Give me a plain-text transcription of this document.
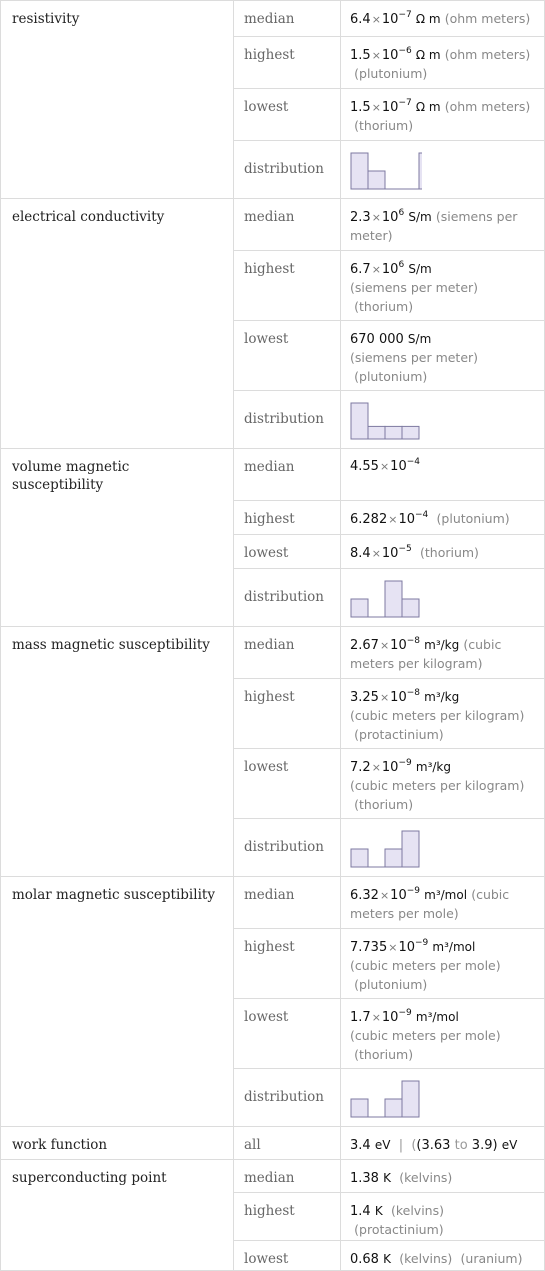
resistivity	median	$6.4\times 10^{-7}$ Ω m (ohm meters)
	highest	$1.5\times 10^{-6}$ Ω m (ohm meters)
(plutonium)
	lowest	$1.5\times 10^{-7}$ Ω m (ohm meters)
(thorium)
	distribution	

electrical conductivity	median	$2.3\times 10^6$ S/m (siemens per
meter)
	highest	$6.7\times 10^6$ S/m
(siemens per meter)
(thorium)
	lowest	670 000 S/m
(siemens per meter)
(plutonium)
	distribution	

volume magnetic
susceptibility	median	$4.55\times 10^{-4}$
	highest	$6.282\times 10^{-4}$ (plutonium)
	lowest	$8.4\times 10^{-5}$ (thorium)
	distribution	

mass magnetic susceptibility	median	$2.67\times 10^{-8}$ m³/kg (cubic
meters per kilogram)
	highest	$3.25\times 10^{-8}$ m³/kg
(cubic meters per kilogram)
(protactinium)
	lowest	$7.2\times 10^{-9}$ m³/kg
(cubic meters per kilogram)
(thorium)
	distribution	

molar magnetic susceptibility	median	$6.32\times 10^{-9}$ m³/mol (cubic
meters per mole)
	highest	$7.735\times 10^{-9}$ m³/mol
(cubic meters per mole)
(plutonium)
	lowest	$1.7\times 10^{-9}$ m³/mol
(cubic meters per mole)
(thorium)
	distribution	

work function	all	3.4 eV | ((3.63 to 3.9) eV
superconducting point	median	1.38 K (kelvins)
	highest	1.4 K (kelvins)  (protactinium)
	lowest	0.68 K (kelvins) (uranium)
